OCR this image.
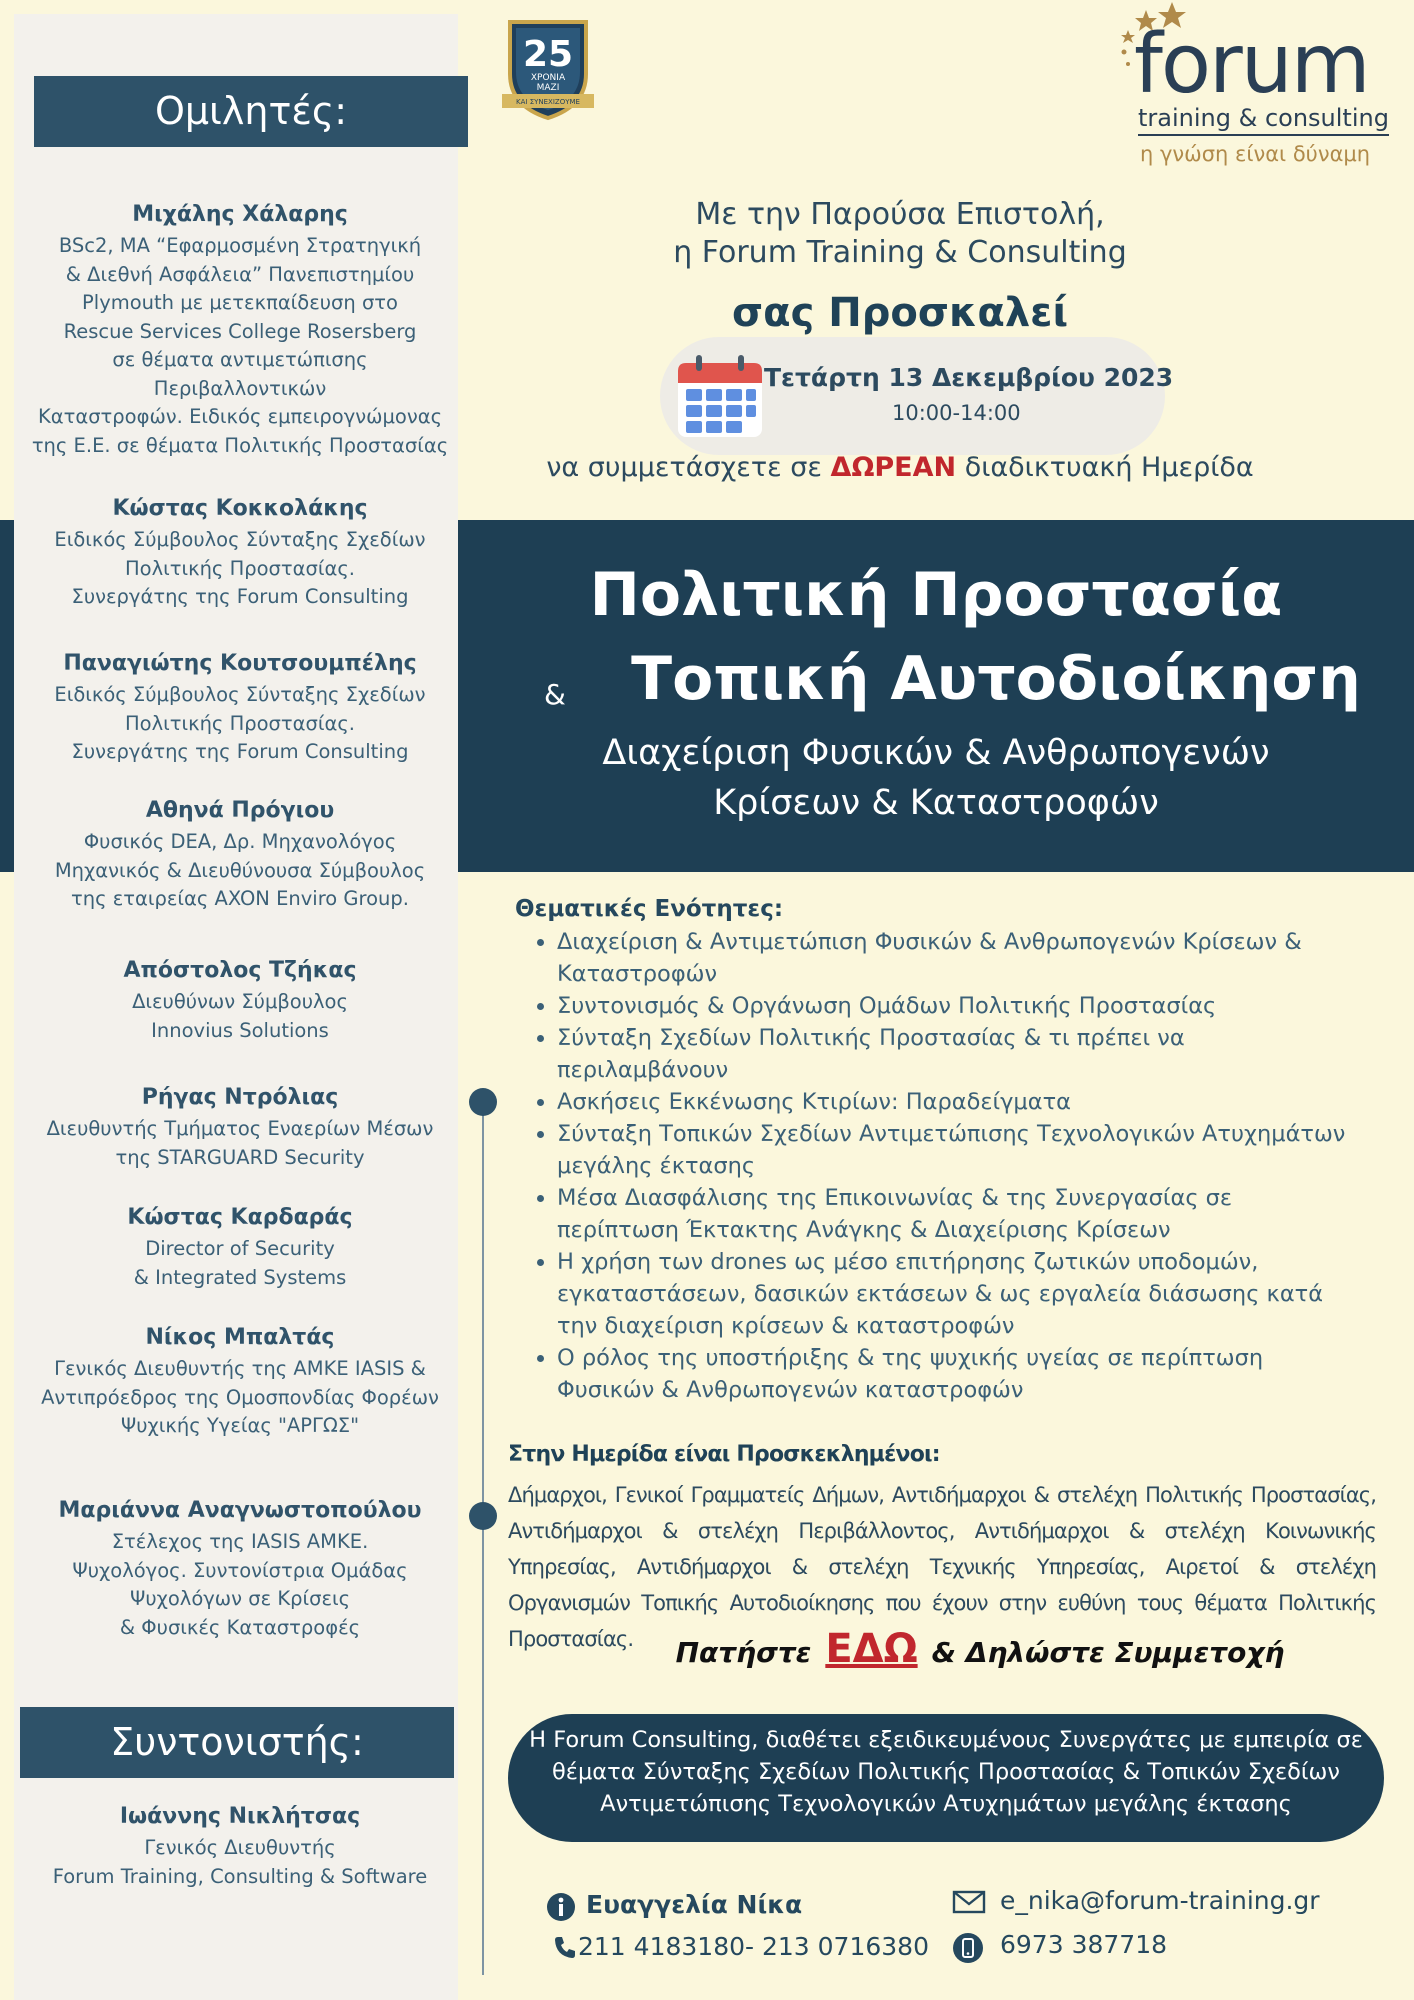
Ομιλητές:
Μιχάλης Χάλαρης
BSc2, MA “Εφαρμοσμένη Στρατηγική
& Διεθνή Ασφάλεια” Πανεπιστημίου
Plymouth με μετεκπαίδευση στο
Rescue Services College Rosersberg
σε θέματα αντιμετώπισης
Περιβαλλοντικών
Καταστροφών. Ειδικός εμπειρογνώμονας
της Ε.Ε. σε θέματα Πολιτικής Προστασίας
Κώστας Κοκκολάκης
Ειδικός Σύμβουλος Σύνταξης Σχεδίων
Πολιτικής Προστασίας.
Συνεργάτης της Forum Consulting
Παναγιώτης Κουτσουμπέλης
Ειδικός Σύμβουλος Σύνταξης Σχεδίων
Πολιτικής Προστασίας.
Συνεργάτης της Forum Consulting
Αθηνά Πρόγιου
Φυσικός DEA, Δρ. Μηχανολόγος
Μηχανικός & Διευθύνουσα Σύμβουλος
της εταιρείας AXON Enviro Group.
Απόστολος Τζήκας
Διευθύνων Σύμβουλος
Innovius Solutions
Ρήγας Ντρόλιας
Διευθυντής Τμήματος Εναερίων Μέσων
της STARGUARD Security
Κώστας Καρδαράς
Director of Security
& Integrated Systems
Νίκος Μπαλτάς
Γενικός Διευθυντής της ΑΜΚΕ IASIS &
Αντιπρόεδρος της Ομοσπονδίας Φορέων
Ψυχικής Υγείας "ΑΡΓΩΣ"
Μαριάννα Αναγνωστοπούλου
Στέλεχος της IASIS ΑΜΚΕ.
Ψυχολόγος. Συντονίστρια Ομάδας
Ψυχολόγων σε Κρίσεις
& Φυσικές Καταστροφές
Συντονιστής:
Ιωάννης Νικλήτσας
Γενικός Διευθυντής
Forum Training, Consulting & Software
25
ΧΡΟΝΙΑ
ΜΑΖΙ
ΚΑΙ ΣΥΝΕΧΙΖΟΥΜΕ	forum
training & consulting
η γνώση είναι δύναμη
Με την Παρούσα Επιστολή,
η Forum Training & Consulting
σας Προσκαλεί
Τετάρτη 13 Δεκεμβρίου 2023
10:00-14:00
να συμμετάσχετε σε ΔΩΡΕΑΝ διαδικτυακή Ημερίδα
Πολιτική Προστασία
&	Τοπική Αυτοδιοίκηση
Διαχείριση Φυσικών & Ανθρωπογενών
Κρίσεων & Καταστροφών
Θεματικές Ενότητες:
• Διαχείριση & Αντιμετώπιση Φυσικών & Ανθρωπογενών Κρίσεων & Καταστροφών
• Συντονισμός & Οργάνωση Ομάδων Πολιτικής Προστασίας
• Σύνταξη Σχεδίων Πολιτικής Προστασίας & τι πρέπει να περιλαμβάνουν
• Ασκήσεις Εκκένωσης Κτιρίων: Παραδείγματα
• Σύνταξη Τοπικών Σχεδίων Αντιμετώπισης Τεχνολογικών Ατυχημάτων μεγάλης έκτασης
• Μέσα Διασφάλισης της Επικοινωνίας & της Συνεργασίας σε περίπτωση Έκτακτης Ανάγκης & Διαχείρισης Κρίσεων
• Η χρήση των drones ως μέσο επιτήρησης ζωτικών υποδομών, εγκαταστάσεων, δασικών εκτάσεων & ως εργαλεία διάσωσης κατά την διαχείριση κρίσεων & καταστροφών
• Ο ρόλος της υποστήριξης & της ψυχικής υγείας σε περίπτωση Φυσικών & Ανθρωπογενών καταστροφών
Στην Ημερίδα είναι Προσκεκλημένοι:
Δήμαρχοι, Γενικοί Γραμματείς Δήμων, Αντιδήμαρχοι & στελέχη Πολιτικής Προστασίας, Αντιδήμαρχοι & στελέχη Περιβάλλοντος, Αντιδήμαρχοι & στελέχη Κοινωνικής Υπηρεσίας, Αντιδήμαρχοι & στελέχη Τεχνικής Υπηρεσίας, Αιρετοί & στελέχη Οργανισμών Τοπικής Αυτοδιοίκησης που έχουν στην ευθύνη τους θέματα Πολιτικής Προστασίας.	Πατήστε ΕΔΩ & Δηλώστε Συμμετοχή
Η Forum Consulting, διαθέτει εξειδικευμένους Συνεργάτες με εμπειρία σε θέματα Σύνταξης Σχεδίων Πολιτικής Προστασίας & Τοπικών Σχεδίων Αντιμετώπισης Τεχνολογικών Ατυχημάτων μεγάλης έκτασης
Ευαγγελία Νίκα
211 4183180- 213 0716380
e_nika@forum-training.gr
6973 387718
